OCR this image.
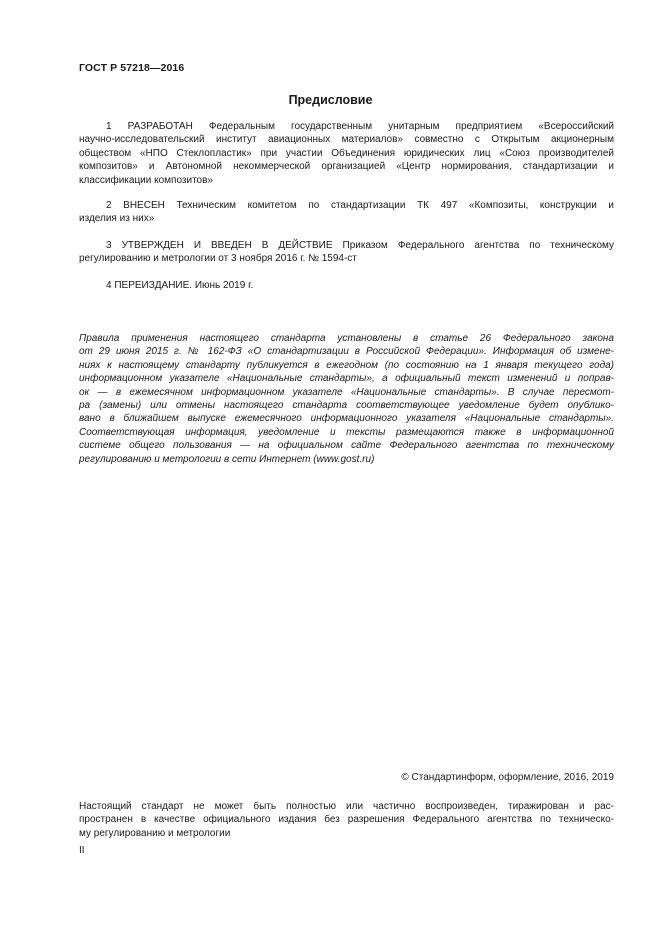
ГОСТ Р 57218—2016
Предисловие
1 РАЗРАБОТАН Федеральным государственным унитарным предприятием «Всероссийский
научно-исследовательский институт авиационных материалов» совместно с Открытым акционерным
обществом «НПО Стеклопластик» при участии Объединения юридических лиц «Союз производителей
композитов» и Автономной некоммерческой организацией «Центр нормирования, стандартизации и
классификации композитов»
2 ВНЕСЕН Техническим комитетом по стандартизации ТК 497 «Композиты, конструкции и
изделия из них»
3 УТВЕРЖДЕН И ВВЕДЕН В ДЕЙСТВИЕ Приказом Федерального агентства по техническому
регулированию и метрологии от 3 ноября 2016 г. № 1594-ст
4 ПЕРЕИЗДАНИЕ. Июнь 2019 г.
Правила применения настоящего стандарта установлены в статье 26 Федерального закона
от 29 июня 2015 г. № 162-ФЗ «О стандартизации в Российской Федерации». Информация об измене-
ниях к настоящему стандарту публикуется в ежегодном (по состоянию на 1 января текущего года)
информационном указателе «Национальные стандарты», а официальный текст изменений и поправ-
ок — в ежемесячном информационном указателе «Национальные стандарты». В случае пересмот-
ра (замены) или отмены настоящего стандарта соответствующее уведомление будет опублико-
вано в ближайшем выпуске ежемесячного информационного указателя «Национальные стандарты».
Соответствующая информация, уведомление и тексты размещаются также в информационной
системе общего пользования — на официальном сайте Федерального агентства по техническому
регулированию и метрологии в сети Интернет (www.gost.ru)
© Стандартинформ, оформление, 2016, 2019
Настоящий стандарт не может быть полностью или частично воспроизведен, тиражирован и рас-
пространен в качестве официального издания без разрешения Федерального агентства по техническо-
му регулированию и метрологии
II
